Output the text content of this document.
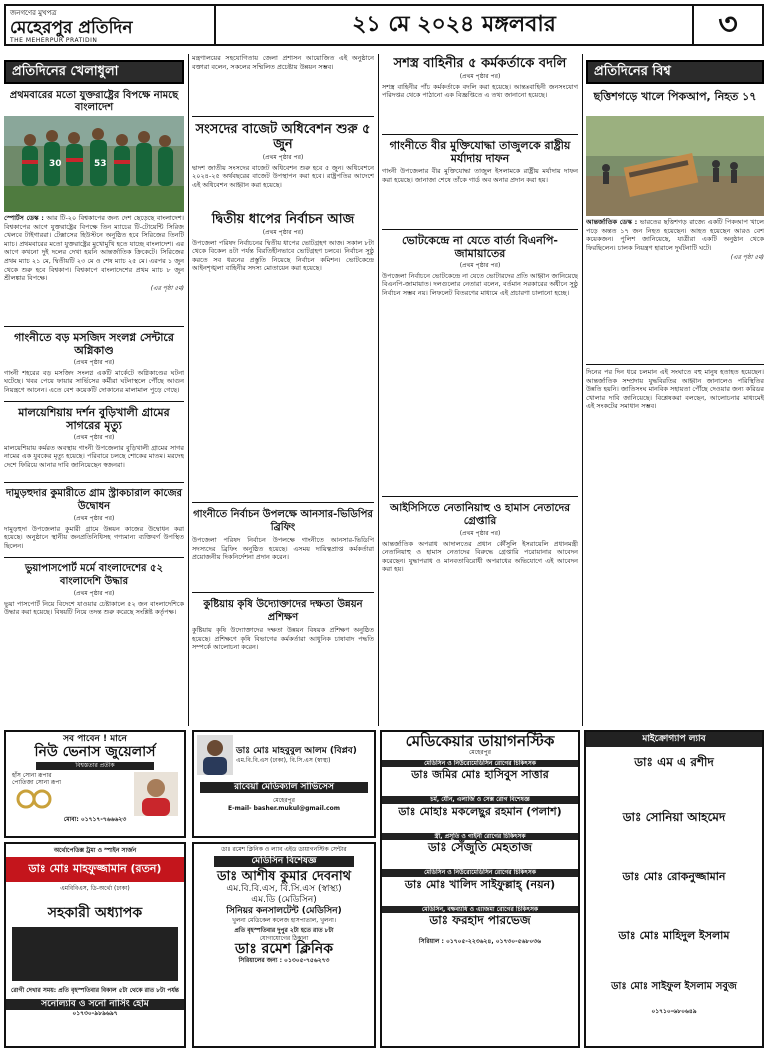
জনগণের মুখপত্র
মেহেরপুর প্রতিদিন
THE MEHERPUR PRATIDIN
২১ মে ২০২৪ মঙ্গলবার	৩
প্রতিদিনের খেলাধুলা
প্রথমবারের মতো যুক্তরাষ্ট্রের বিপক্ষে নামছে বাংলাদেশ
53
30

স্পোর্টস ডেস্ক : আর টি-২০ বিশ্বকাপের জন্য দেশ ছেড়েছে বাংলাদেশ। বিশ্বকাপের আগে যুক্তরাষ্ট্রের বিপক্ষে তিন ম্যাচের টি-টোয়েন্টি সিরিজ খেলবে টাইগাররা। টেক্সাসের হিউস্টনে অনুষ্ঠিত হবে সিরিজের তিনটি ম্যাচ। প্রথমবারের মতো যুক্তরাষ্ট্রের মুখোমুখি হতে যাচ্ছে বাংলাদেশ। এর আগে কখনো দুই দলের দেখা হয়নি আন্তর্জাতিক ক্রিকেটে। সিরিজের প্রথম ম্যাচ ২১ মে, দ্বিতীয়টি ২৩ মে ও শেষ ম্যাচ ২৫ মে। এরপর ১ জুন থেকে শুরু হবে বিশ্বকাপ। বিশ্বকাপে বাংলাদেশের প্রথম ম্যাচ ৮ জুন শ্রীলঙ্কার বিপক্ষে।

(এর পৃষ্ঠা ৫ম)
গাংনীতে বড় মসজিদ সংলগ্ন সেন্টারে অগ্নিকাণ্ড
(প্রথম পৃষ্ঠার পর)

গাংনী শহরের বড় মসজিদ সংলগ্ন একটি মার্কেটে অগ্নিকাণ্ডের ঘটনা ঘটেছে। খবর পেয়ে ফায়ার সার্ভিসের কর্মীরা ঘটনাস্থলে পৌঁছে আগুন নিয়ন্ত্রণে আনেন। এতে বেশ কয়েকটি দোকানের মালামাল পুড়ে গেছে।

মালয়েশিয়ায় দর্শন বুড়িখালী গ্রামের সাগরের মৃত্যু
(প্রথম পৃষ্ঠার পর)

মালয়েশিয়ায় কর্মরত অবস্থায় গাংনী উপজেলার বুড়িখালী গ্রামের সাগর নামের এক যুবকের মৃত্যু হয়েছে। পরিবারে চলছে শোকের মাতম। মরদেহ দেশে ফিরিয়ে আনার দাবি জানিয়েছেন স্বজনরা।

দামুড়হুদার কুমারীতে গ্রাম স্ট্রাকচারাল কাজের উদ্বোধন
(প্রথম পৃষ্ঠার পর)

দামুড়হুদা উপজেলার কুমারী গ্রামে উন্নয়ন কাজের উদ্বোধন করা হয়েছে। অনুষ্ঠানে স্থানীয় জনপ্রতিনিধিসহ গণ্যমান্য ব্যক্তিবর্গ উপস্থিত ছিলেন।

ভুয়াপাসপোর্ট মর্মে বাংলাদেশের ৫২ বাংলাদেশি উদ্ধার
(প্রথম পৃষ্ঠার পর)

ভুয়া পাসপোর্ট নিয়ে বিদেশে যাওয়ার চেষ্টাকালে ৫২ জন বাংলাদেশিকে উদ্ধার করা হয়েছে। বিষয়টি নিয়ে তদন্ত শুরু করেছে সংশ্লিষ্ট কর্তৃপক্ষ।

মন্ত্রণালয়ের সহযোগিতায় জেলা প্রশাসন আয়োজিত এই অনুষ্ঠানে বক্তারা বলেন, সকলের সম্মিলিত প্রচেষ্টায় উন্নয়ন সম্ভব।

সংসদের বাজেট অধিবেশন শুরু ৫ জুন
(প্রথম পৃষ্ঠার পর)

দ্বাদশ জাতীয় সংসদের বাজেট অধিবেশন শুরু হবে ৫ জুন। অধিবেশনে ২০২৪-২৫ অর্থবছরের বাজেট উপস্থাপন করা হবে। রাষ্ট্রপতির আদেশে এই অধিবেশন আহ্বান করা হয়েছে।

দ্বিতীয় ধাপের নির্বাচন আজ
(প্রথম পৃষ্ঠার পর)

উপজেলা পরিষদ নির্বাচনের দ্বিতীয় ধাপের ভোটগ্রহণ আজ। সকাল ৮টা থেকে বিকেল ৪টা পর্যন্ত বিরতিহীনভাবে ভোটগ্রহণ চলবে। নির্বাচন সুষ্ঠু করতে সব ধরনের প্রস্তুতি নিয়েছে নির্বাচন কমিশন। ভোটকেন্দ্রে আইনশৃঙ্খলা বাহিনীর সদস্য মোতায়েন করা হয়েছে।

গাংনীতে নির্বাচন উপলক্ষে আনসার-ভিডিপির ব্রিফিং

উপজেলা পরিষদ নির্বাচন উপলক্ষে গাংনীতে আনসার-ভিডিপি সদস্যদের ব্রিফিং অনুষ্ঠিত হয়েছে। এসময় দায়িত্বপ্রাপ্ত কর্মকর্তারা প্রয়োজনীয় দিকনির্দেশনা প্রদান করেন।

কুষ্টিয়ায় কৃষি উদ্যোক্তাদের দক্ষতা উন্নয়ন প্রশিক্ষণ

কুষ্টিয়ায় কৃষি উদ্যোক্তাদের দক্ষতা উন্নয়ন বিষয়ক প্রশিক্ষণ অনুষ্ঠিত হয়েছে। প্রশিক্ষণে কৃষি বিভাগের কর্মকর্তারা আধুনিক চাষাবাদ পদ্ধতি সম্পর্কে আলোচনা করেন।

সশস্ত্র বাহিনীর ৫ কর্মকর্তাকে বদলি
(প্রথম পৃষ্ঠার পর)

সশস্ত্র বাহিনীর পাঁচ কর্মকর্তাকে বদলি করা হয়েছে। আন্তঃবাহিনী জনসংযোগ পরিদপ্তর থেকে পাঠানো এক বিজ্ঞপ্তিতে এ তথ্য জানানো হয়েছে।

গাংনীতে বীর মুক্তিযোদ্ধা তাজুলকে রাষ্ট্রীয় মর্যাদায় দাফন

গাংনী উপজেলার বীর মুক্তিযোদ্ধা তাজুল ইসলামকে রাষ্ট্রীয় মর্যাদায় দাফন করা হয়েছে। জানাজা শেষে তাঁকে গার্ড অব অনার প্রদান করা হয়।

ভোটকেন্দ্রে না যেতে বার্তা বিএনপি-জামায়াতের
(প্রথম পৃষ্ঠার পর)

উপজেলা নির্বাচনে ভোটকেন্দ্রে না যেতে ভোটারদের প্রতি আহ্বান জানিয়েছে বিএনপি-জামায়াত। দলগুলোর নেতারা বলেন, বর্তমান সরকারের অধীনে সুষ্ঠু নির্বাচন সম্ভব নয়। লিফলেট বিতরণের মাধ্যমে এই প্রচারণা চালানো হচ্ছে।

আইসিসিতে নেতানিয়াহু ও হামাস নেতাদের গ্রেপ্তারি
(প্রথম পৃষ্ঠার পর)

আন্তর্জাতিক অপরাধ আদালতের প্রধান কৌঁসুলি ইসরায়েলি প্রধানমন্ত্রী নেতানিয়াহু ও হামাস নেতাদের বিরুদ্ধে গ্রেপ্তারি পরোয়ানার আবেদন করেছেন। যুদ্ধাপরাধ ও মানবতাবিরোধী অপরাধের অভিযোগে এই আবেদন করা হয়।

প্রতিদিনের বিশ্ব
ছত্তিশগড়ে খালে পিকআপ, নিহত ১৭

আন্তর্জাতিক ডেস্ক : ভারতের ছত্তিশগড় রাজ্যে একটি পিকআপ খালে পড়ে অন্তত ১৭ জন নিহত হয়েছেন। আহত হয়েছেন আরও বেশ কয়েকজন। পুলিশ জানিয়েছে, যাত্রীরা একটি অনুষ্ঠান থেকে ফিরছিলেন। চালক নিয়ন্ত্রণ হারালে দুর্ঘটনাটি ঘটে।

(এর পৃষ্ঠা ৫ম)

দিনের পর দিন ধরে চলমান এই সংঘাতে বহু মানুষ হতাহত হয়েছেন। আন্তর্জাতিক সম্প্রদায় যুদ্ধবিরতির আহ্বান জানালেও পরিস্থিতির উন্নতি হয়নি। জাতিসংঘ মানবিক সহায়তা পৌঁছে দেওয়ার জন্য করিডর খোলার দাবি জানিয়েছে। বিশ্লেষকরা বলছেন, আলোচনার মাধ্যমেই এই সংকটের সমাধান সম্ভব।

সব পাবেন ! মানে
নিউ ভেনাস জুয়েলার্স
বিশ্বস্ততার প্রতীক
হাঁস সোনা রূপার
পোতিজা সোনা রূপা
মোবা: ০১৭১৭-৭৬৬৬২৩
ডাঃ মোঃ মাহবুবুল আলম (বিপ্লব)
এম.বি.বি.এস (ঢাকা), বি.সি.এস (স্বাস্থ্য)
রাবেয়া মেডিক্যাল সার্ভিসেস
মেহেরপুর
E-mail- basher.mukul@gmail.com
মেডিকেয়ার ডায়াগনস্টিক
মেহেরপুর
মেডিসিন ও নিউরোমেডিসিন রোগের চিকিৎসক
ডাঃ জমির মোঃ হাসিবুস সাত্তার
চর্ম, যৌন, এলার্জি ও সেক্স রোগ বিশেষজ্ঞ
ডাঃ মোহাঃ মকলেছুর রহমান (পলাশ)
স্ত্রী, প্রসূতি ও গাইনী রোগের চিকিৎসক
ডাঃ সেঁজুতি মেহতাজ
মেডিসিন ও নিউরোমেডিসিন রোগের চিকিৎসক
ডাঃ মোঃ খালিদ সাইফুল্লাহ্ (নয়ন)
মেডিসিন, বক্ষব্যাধি ও এ্যাজমা রোগের চিকিৎসক
ডাঃ ফরহাদ পারভেজ
সিরিয়াল : ০১৭০৫-২২৩৬২৪, ০১৭৩০-৫৬৮০৩৬
মাইক্রোগ্যাপ ল্যাব
ডাঃ এম এ রশীদ
ডাঃ সোনিয়া আহমেদ
ডাঃ মোঃ রোকনুজ্জামান
ডাঃ মোঃ মাহিদুল ইসলাম
ডাঃ মোঃ সাইফুল ইসলাম সবুজ
০১৭১০-৬৮০৬৪৯
অর্থোপেডিক্স ট্রমা ও স্পাইন সার্জন
ডাঃ মোঃ মাহফুজ্জামান (রতন)
এমবিবিএস, ডি-অর্থো (ঢাকা)
সহকারী অধ্যাপক
রোগী দেখার সময়: প্রতি বৃহস্পতিবার বিকাল ৫টা থেকে রাত ৮টা পর্যন্ত
সনোল্যাব ও সনো নার্সিং হোম
০১৭৩০-৯৮৯৬৯৭
ডাঃ রমেশ ক্লিনিক ও ল্যাব এইড ডায়াগনস্টিক সেন্টার
মেডিসিন বিশেষজ্ঞ
ডাঃ আশীষ কুমার দেবনাথ
এম.বি.বি.এস, বি.সি.এস (স্বাস্থ্য)
এম.ডি (মেডিসিন)
সিনিয়র কনসালটেন্ট (মেডিসিন)
খুলনা মেডিকেল কলেজ হাসপাতাল, খুলনা।
প্রতি বৃহস্পতিবার দুপুর ২টা হতে রাত ৮টা
যোগাযোগের ঠিকানা
ডাঃ রমেশ ক্লিনিক
সিরিয়ালের জন্য : ০১৩০৫-৭৫৬২৭৩
